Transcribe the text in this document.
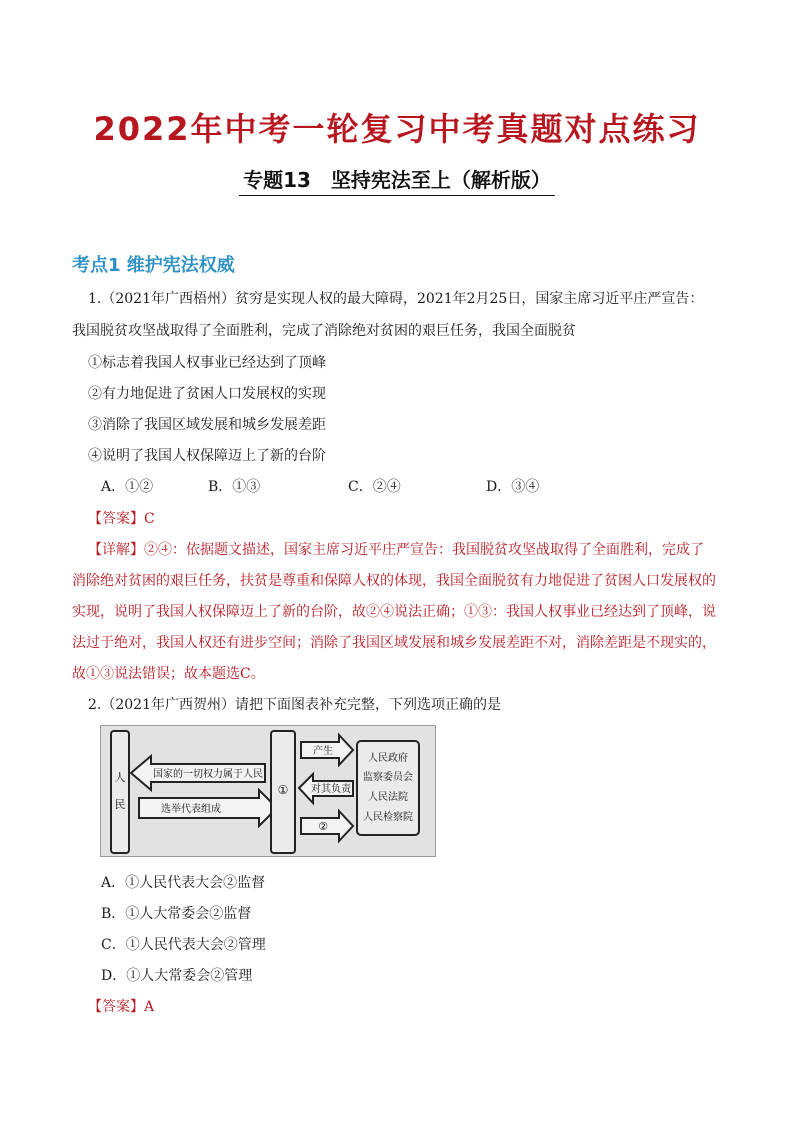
2022年中考一轮复习中考真题对点练习
专题13　坚持宪法至上（解析版）
考点1 维护宪法权威
1.（2021年广西梧州）贫穷是实现人权的最大障碍，2021年2月25日，国家主席习近平庄严宣告：
我国脱贫攻坚战取得了全面胜利，完成了消除绝对贫困的艰巨任务，我国全面脱贫
①标志着我国人权事业已经达到了顶峰
②有力地促进了贫困人口发展权的实现
③消除了我国区域发展和城乡发展差距
④说明了我国人权保障迈上了新的台阶
A．①②	B．①③	C．②④	D．③④
【答案】C
【详解】②④：依据题文描述，国家主席习近平庄严宣告：我国脱贫攻坚战取得了全面胜利，完成了
消除绝对贫困的艰巨任务，扶贫是尊重和保障人权的体现，我国全面脱贫有力地促进了贫困人口发展权的
实现，说明了我国人权保障迈上了新的台阶，故②④说法正确；①③：我国人权事业已经达到了顶峰，说
法过于绝对，我国人权还有进步空间；消除了我国区域发展和城乡发展差距不对，消除差距是不现实的，
故①③说法错误；故本题选C。
2.（2021年广西贺州）请把下面图表补充完整，下列选项正确的是
人
民
国家的一切权力属于人民
选举代表组成
①
产生
对其负责
②
人民政府
监察委员会
人民法院
人民检察院
A．①人民代表大会②监督
B．①人大常委会②监督
C．①人民代表大会②管理
D．①人大常委会②管理
【答案】A
